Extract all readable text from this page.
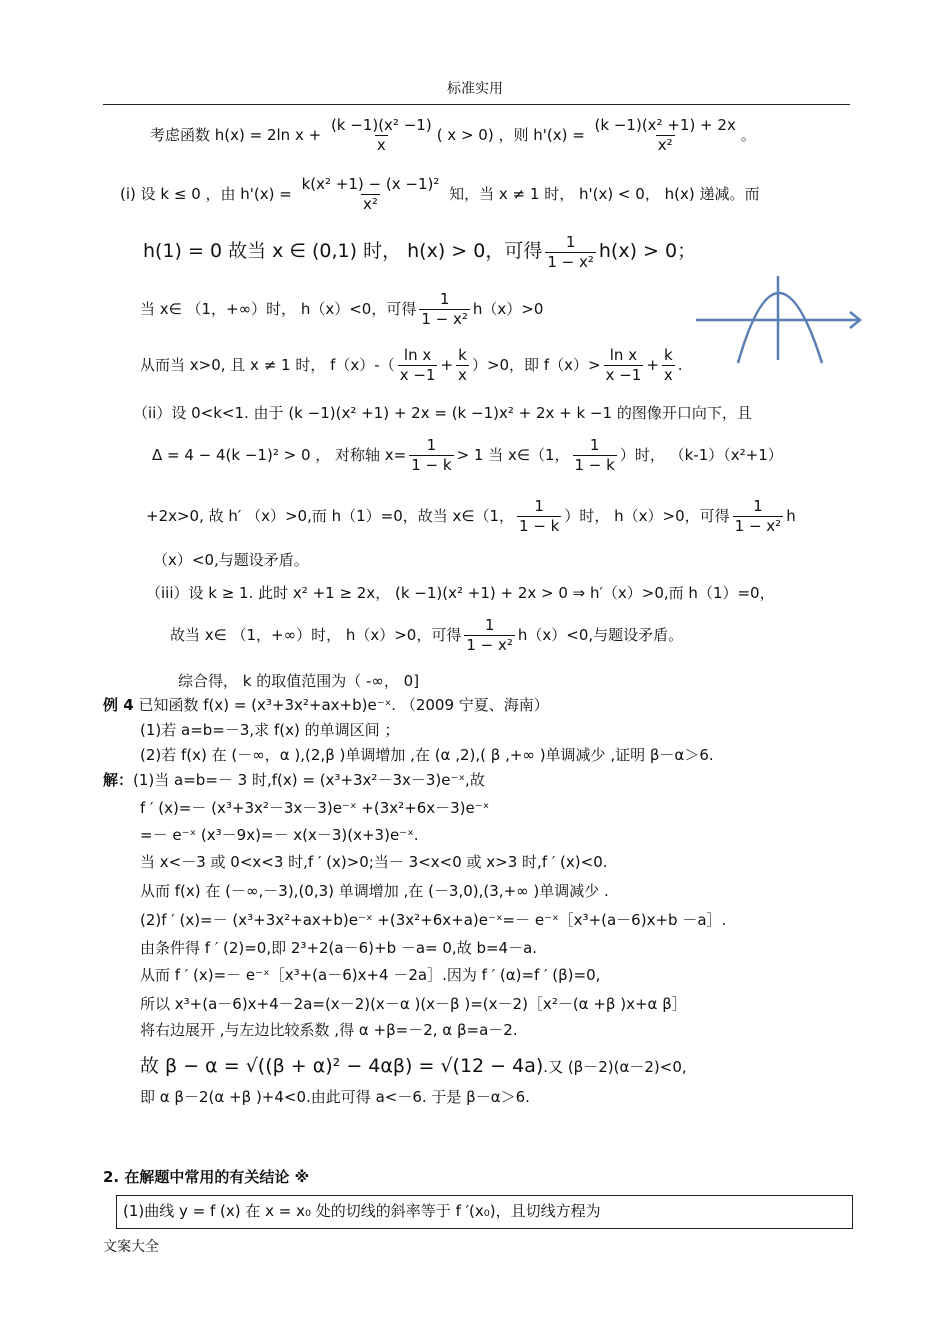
标准实用
考虑函数 h(x) = 2ln $x + \frac{\text{(k −1)(x² −1)}}{x}$ ( x > 0) ，则 $h'(x) = \frac{\text{(k −1)(x² +1) + 2x}}{\text{x²}}$ 。
(i) 设 k ≤ 0 ，由 $h'(x) = \frac{\text{k(x² +1) − (x −1)²}}{\text{x²}}$ 知，当 x ≠ 1 时， h'(x) < 0， h(x) 递减。而
h(1) = 0 故当 x ∈ (0,1) 时， h(x) > 0，可得 $\frac{1}{\text{1 − x²}} h(x) > 0$；
当 x∈ （1，+∞）时， h（x）<0，可得 $\frac{1}{\text{1 − x²}} h(x)>0$
从而当 x>0, 且 x ≠ 1 时， $f(x)-( \frac{\text{ln x}}{x -1} + \frac{k}{x} )>0$，即 $f(x)> \frac{\text{ln x}}{x -1} + \frac{k}{x}$ .
（ii）设 0<k<1. 由于 (k −1)(x² +1) + 2x = (k −1)x² + 2x + k −1 的图像开口向下，且
Δ = 4 − 4(k −1)² > 0 ， 对称轴 $x= \frac{1}{1 - k} > 1$ 当 x∈（1， $\frac{1}{1 - k}$ ）时， （k-1）（x²+1）
+2x>0, 故 h′ （x）>0,而 h（1）=0，故当 x∈（1， $\frac{1}{1 - k}$ ）时， h（x）>0，可得 $\frac{1}{\text{1 − x²}}$ h
（x）<0,与题设矛盾。
（iii）设 k ≥ 1. 此时 x² +1 ≥ 2x， (k −1)(x² +1) + 2x > 0 ⇒ h′（x）>0,而 h（1）=0，
故当 x∈ （1，+∞）时， h（x）>0，可得 $\frac{1}{\text{1 − x²}} h(x)<0$,与题设矛盾。
综合得， k 的取值范围为（ -∞， 0]
例 4 已知函数 f(x) = (x³+3x²+ax+b)e⁻ˣ. （2009 宁夏、海南）
(1)若 a=b=－3,求 f(x) 的单调区间 ；
(2)若 f(x) 在 (－∞，α ),(2,β )单调增加 ,在 (α ,2),( β ,+∞ )单调减少 ,证明 β－α＞6.
解：(1)当 a=b=－ 3 时,f(x) = (x³+3x²－3x－3)e⁻ˣ,故
f ′ (x)=－ (x³+3x²－3x－3)e⁻ˣ +(3x²+6x－3)e⁻ˣ
=－ e⁻ˣ (x³－9x)=－ x(x－3)(x+3)e⁻ˣ.
当 x<－3 或 0<x<3 时,f ′ (x)>0;当－ 3<x<0 或 x>3 时,f ′ (x)<0.
从而 f(x) 在 (－∞,－3),(0,3) 单调增加 ,在 (－3,0),(3,+∞ )单调减少 .
(2)f ′ (x)=－ (x³+3x²+ax+b)e⁻ˣ +(3x²+6x+a)e⁻ˣ=－ e⁻ˣ［x³+(a－6)x+b －a］.
由条件得 f ′ (2)=0,即 2³+2(a－6)+b －a= 0,故 b=4－a.
从而 f ′ (x)=－ e⁻ˣ［x³+(a－6)x+4 －2a］.因为 f ′ (α)=f ′ (β)=0,
所以 x³+(a－6)x+4－2a=(x－2)(x－α )(x－β )=(x－2)［x²－(α +β )x+α β］
将右边展开 ,与左边比较系数 ,得 α +β=－2, α β=a－2.
故 β − α = √((β + α)² − 4αβ) = √(12 − 4a).又 (β－2)(α－2)<0,
即 α β－2(α +β )+4<0.由此可得 a<－6. 于是 β－α＞6.
2. 在解题中常用的有关结论 ※
(1)曲线 y = f (x) 在 x = x₀ 处的切线的斜率等于 f ′(x₀)，且切线方程为
文案大全
